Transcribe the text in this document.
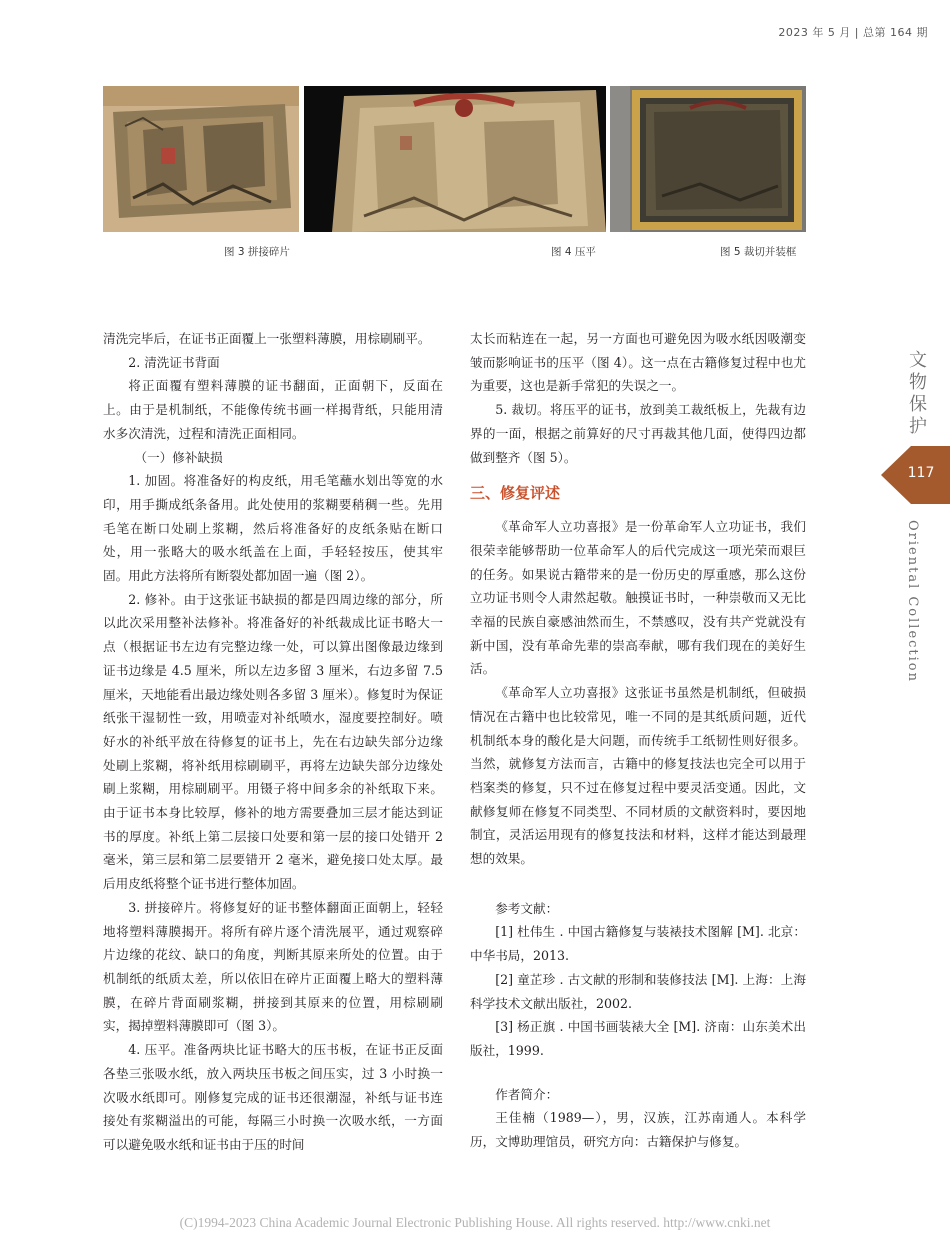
2023 年 5 月 | 总第 164 期
图 3 拼接碎片	图 4 压平	图 5 裁切并装框

清洗完毕后，在证书正面覆上一张塑料薄膜，用棕刷刷平。

2. 清洗证书背面

将正面覆有塑料薄膜的证书翻面，正面朝下，反面在上。由于是机制纸，不能像传统书画一样揭背纸，只能用清水多次清洗，过程和清洗正面相同。

（一）修补缺损

1. 加固。将准备好的构皮纸，用毛笔蘸水划出等宽的水印，用手撕成纸条备用。此处使用的浆糊要稍稠一些。先用毛笔在断口处刷上浆糊，然后将准备好的皮纸条贴在断口处，用一张略大的吸水纸盖在上面，手轻轻按压，使其牢固。用此方法将所有断裂处都加固一遍（图 2）。

2. 修补。由于这张证书缺损的都是四周边缘的部分，所以此次采用整补法修补。将准备好的补纸裁成比证书略大一点（根据证书左边有完整边缘一处，可以算出图像最边缘到证书边缘是 4.5 厘米，所以左边多留 3 厘米，右边多留 7.5 厘米，天地能看出最边缘处则各多留 3 厘米）。修复时为保证纸张干湿韧性一致，用喷壶对补纸喷水，湿度要控制好。喷好水的补纸平放在待修复的证书上，先在右边缺失部分边缘处刷上浆糊，将补纸用棕刷刷平，再将左边缺失部分边缘处刷上浆糊，用棕刷刷平。用镊子将中间多余的补纸取下来。由于证书本身比较厚，修补的地方需要叠加三层才能达到证书的厚度。补纸上第二层接口处要和第一层的接口处错开 2 毫米，第三层和第二层要错开 2 毫米，避免接口处太厚。最后用皮纸将整个证书进行整体加固。

3. 拼接碎片。将修复好的证书整体翻面正面朝上，轻轻地将塑料薄膜揭开。将所有碎片逐个清洗展平，通过观察碎片边缘的花纹、缺口的角度，判断其原来所处的位置。由于机制纸的纸质太差，所以依旧在碎片正面覆上略大的塑料薄膜，在碎片背面刷浆糊，拼接到其原来的位置，用棕刷刷实，揭掉塑料薄膜即可（图 3）。

4. 压平。准备两块比证书略大的压书板，在证书正反面各垫三张吸水纸，放入两块压书板之间压实，过 3 小时换一次吸水纸即可。刚修复完成的证书还很潮湿，补纸与证书连接处有浆糊溢出的可能，每隔三小时换一次吸水纸，一方面可以避免吸水纸和证书由于压的时间

太长而粘连在一起，另一方面也可避免因为吸水纸因吸潮变皱而影响证书的压平（图 4）。这一点在古籍修复过程中也尤为重要，这也是新手常犯的失误之一。

5. 裁切。将压平的证书，放到美工裁纸板上，先裁有边界的一面，根据之前算好的尺寸再裁其他几面，使得四边都做到整齐（图 5）。

三、修复评述

《革命军人立功喜报》是一份革命军人立功证书，我们很荣幸能够帮助一位革命军人的后代完成这一项光荣而艰巨的任务。如果说古籍带来的是一份历史的厚重感，那么这份立功证书则令人肃然起敬。触摸证书时，一种崇敬而又无比幸福的民族自豪感油然而生，不禁感叹，没有共产党就没有新中国，没有革命先辈的崇高奉献，哪有我们现在的美好生活。

《革命军人立功喜报》这张证书虽然是机制纸，但破损情况在古籍中也比较常见，唯一不同的是其纸质问题，近代机制纸本身的酸化是大问题，而传统手工纸韧性则好很多。当然，就修复方法而言，古籍中的修复技法也完全可以用于档案类的修复，只不过在修复过程中要灵活变通。因此，文献修复师在修复不同类型、不同材质的文献资料时，要因地制宜，灵活运用现有的修复技法和材料，这样才能达到最理想的效果。

参考文献：

[1] 杜伟生 . 中国古籍修复与装裱技术图解 [M]. 北京：中华书局，2013.

[2] 童芷珍 . 古文献的形制和装修技法 [M]. 上海：上海科学技术文献出版社，2002.

[3] 杨正旗 . 中国书画装裱大全 [M]. 济南：山东美术出版社，1999.

作者简介：

王佳楠（1989—），男，汉族，江苏南通人。本科学历，文博助理馆员，研究方向：古籍保护与修复。

文物保护
117
Oriental Collection
(C)1994-2023 China Academic Journal Electronic Publishing House. All rights reserved. http://www.cnki.net
